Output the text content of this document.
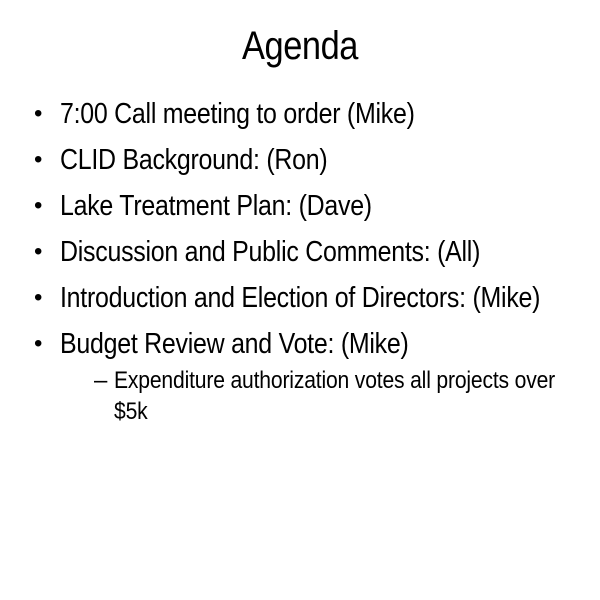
Agenda
• 7:00 Call meeting to order (Mike)
• CLID Background: (Ron)
• Lake Treatment Plan: (Dave)
• Discussion and Public Comments: (All)
• Introduction and Election of Directors: (Mike)
• Budget Review and Vote: (Mike)
– Expenditure authorization votes all projects over $5k
